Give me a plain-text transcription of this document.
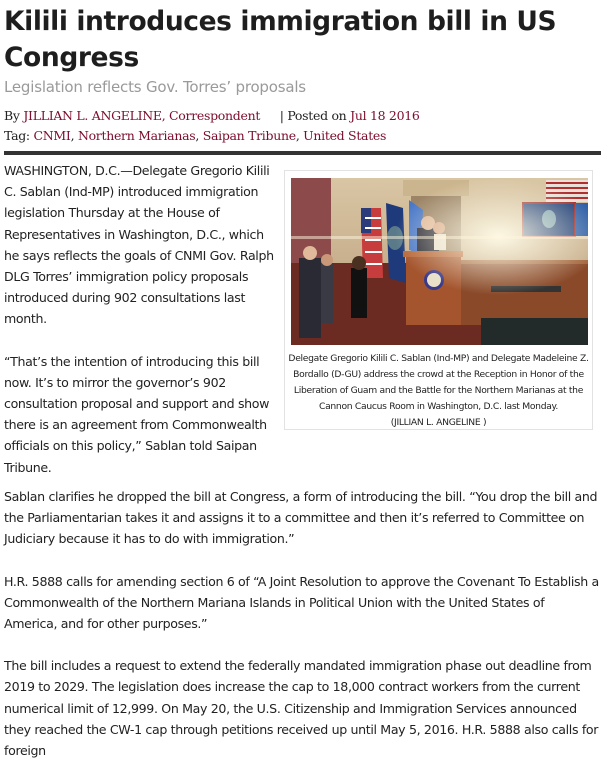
Kilili introduces immigration bill in US Congress
Legislation reflects Gov. Torres’ proposals
By JILLIAN L. ANGELINE, Correspondent | Posted on Jul 18 2016
Tag: CNMI, Northern Marianas, Saipan Tribune, United States

WASHINGTON, D.C.—Delegate Gregorio Kilili C. Sablan (Ind-MP) introduced immigration legislation Thursday at the House of Representatives in Washington, D.C., which he says reflects the goals of CNMI Gov. Ralph DLG Torres’ immigration policy proposals introduced during 902 consultations last month.

“That’s the intention of introducing this bill now. It’s to mirror the governor’s 902 consultation proposal and support and show there is an agreement from Commonwealth officials on this policy,” Sablan told Saipan Tribune.

Delegate Gregorio Kilili C. Sablan (Ind-MP) and Delegate Madeleine Z. Bordallo (D-GU) address the crowd at the Reception in Honor of the Liberation of Guam and the Battle for the Northern Marianas at the Cannon Caucus Room in Washington, D.C. last Monday.
(JILLIAN L. ANGELINE )

Sablan clarifies he dropped the bill at Congress, a form of introducing the bill. “You drop the bill and the Parliamentarian takes it and assigns it to a committee and then it’s referred to Committee on Judiciary because it has to do with immigration.”

H.R. 5888 calls for amending section 6 of “A Joint Resolution to approve the Covenant To Establish a Commonwealth of the Northern Mariana Islands in Political Union with the United States of America, and for other purposes.”

The bill includes a request to extend the federally mandated immigration phase out deadline from 2019 to 2029. The legislation does increase the cap to 18,000 contract workers from the current numerical limit of 12,999. On May 20, the U.S. Citizenship and Immigration Services announced they reached the CW-1 cap through petitions received up until May 5, 2016. H.R. 5888 also calls for foreign
